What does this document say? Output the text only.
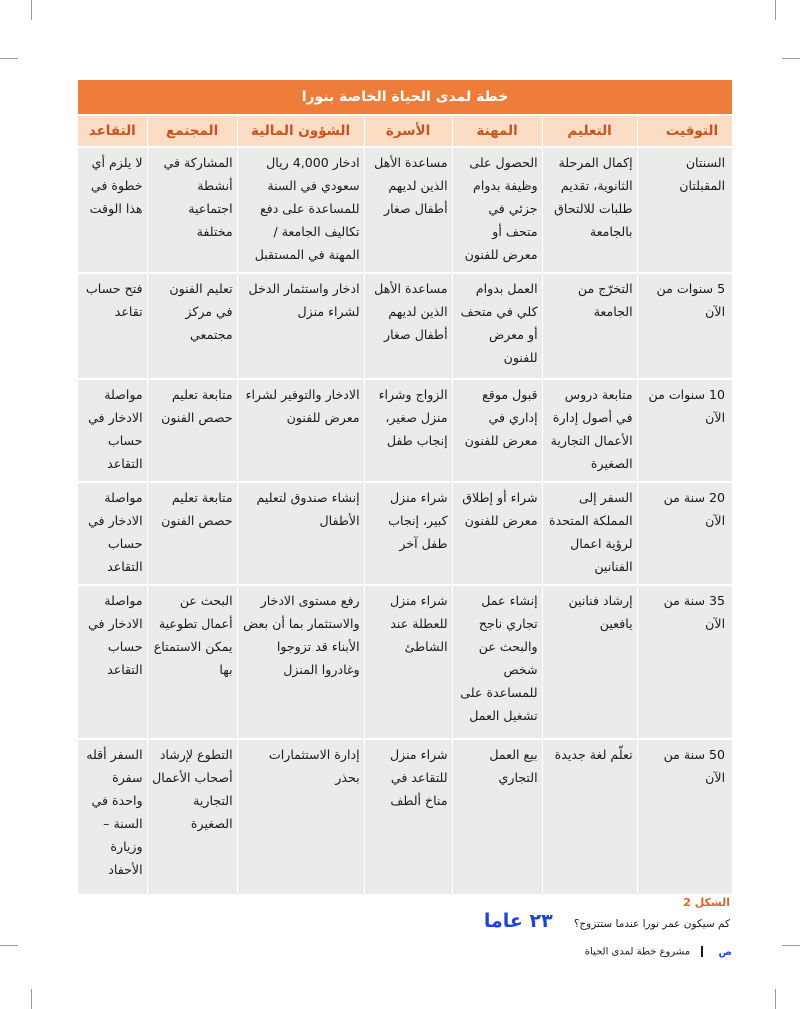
خطة لمدى الحياة الخاصة بنورا						
التوقيت	التعليم	المهنة	الأسرة	الشؤون المالية	المجتمع	التقاعد
السنتان المقبلتان	إكمال المرحلة الثانوية، تقديم طلبات للالتحاق بالجامعة	الحصول على وظيفة بدوام جزئي في متحف أو معرض للفنون	مساعدة الأهل الذين لديهم أطفال صغار	ادخار 4,000 ريال سعودي في السنة للمساعدة على دفع تكاليف الجامعة / المهنة في المستقبل	المشاركة في أنشطة اجتماعية مختلفة	لا يلزم أي خطوة في هذا الوقت
5 سنوات من الآن	التخرّج من الجامعة	العمل بدوام كلي في متحف أو معرض للفنون	مساعدة الأهل الذين لديهم أطفال صغار	ادخار واستثمار الدخل لشراء منزل	تعليم الفنون في مركز مجتمعي	فتح حساب تقاعد
10 سنوات من الآن	متابعة دروس في أصول إدارة الأعمال التجارية الصغيرة	قبول موقع إداري في معرض للفنون	الزواج وشراء منزل صغير، إنجاب طفل	الادخار والتوفير لشراء معرض للفنون	متابعة تعليم حصص الفنون	مواصلة الادخار في حساب التقاعد
20 سنة من الآن	السفر إلى المملكة المتحدة لرؤية اعمال الفنانين	شراء أو إطلاق معرض للفنون	شراء منزل كبير، إنجاب طفل آخر	إنشاء صندوق لتعليم الأطفال	متابعة تعليم حصص الفنون	مواصلة الادخار في حساب التقاعد
35 سنة من الآن	إرشاد فنانين يافعين	إنشاء عمل تجاري ناجح والبحث عن شخص للمساعدة على تشغيل العمل	شراء منزل للعطلة عند الشاطئ	رفع مستوى الادخار والاستثمار بما أن بعض الأبناء قد تزوجوا وغادروا المنزل	البحث عن أعمال تطوعية يمكن الاستمتاع بها	مواصلة الادخار في حساب التقاعد
50 سنة من الآن	تعلّم لغة جديدة	بيع العمل التجاري	شراء منزل للتقاعد في مناخ ألطف	إدارة الاستثمارات بحذر	التطوع لإرشاد أصحاب الأعمال التجارية الصغيرة	السفر أقله سفرة واحدة في السنة – وزيارة الأحفاد
الشكل 2
كم سيكون عمر نورا عندما ستتزوج؟ ٢٣ عاما
ص  مشروع خطة لمدى الحياة
